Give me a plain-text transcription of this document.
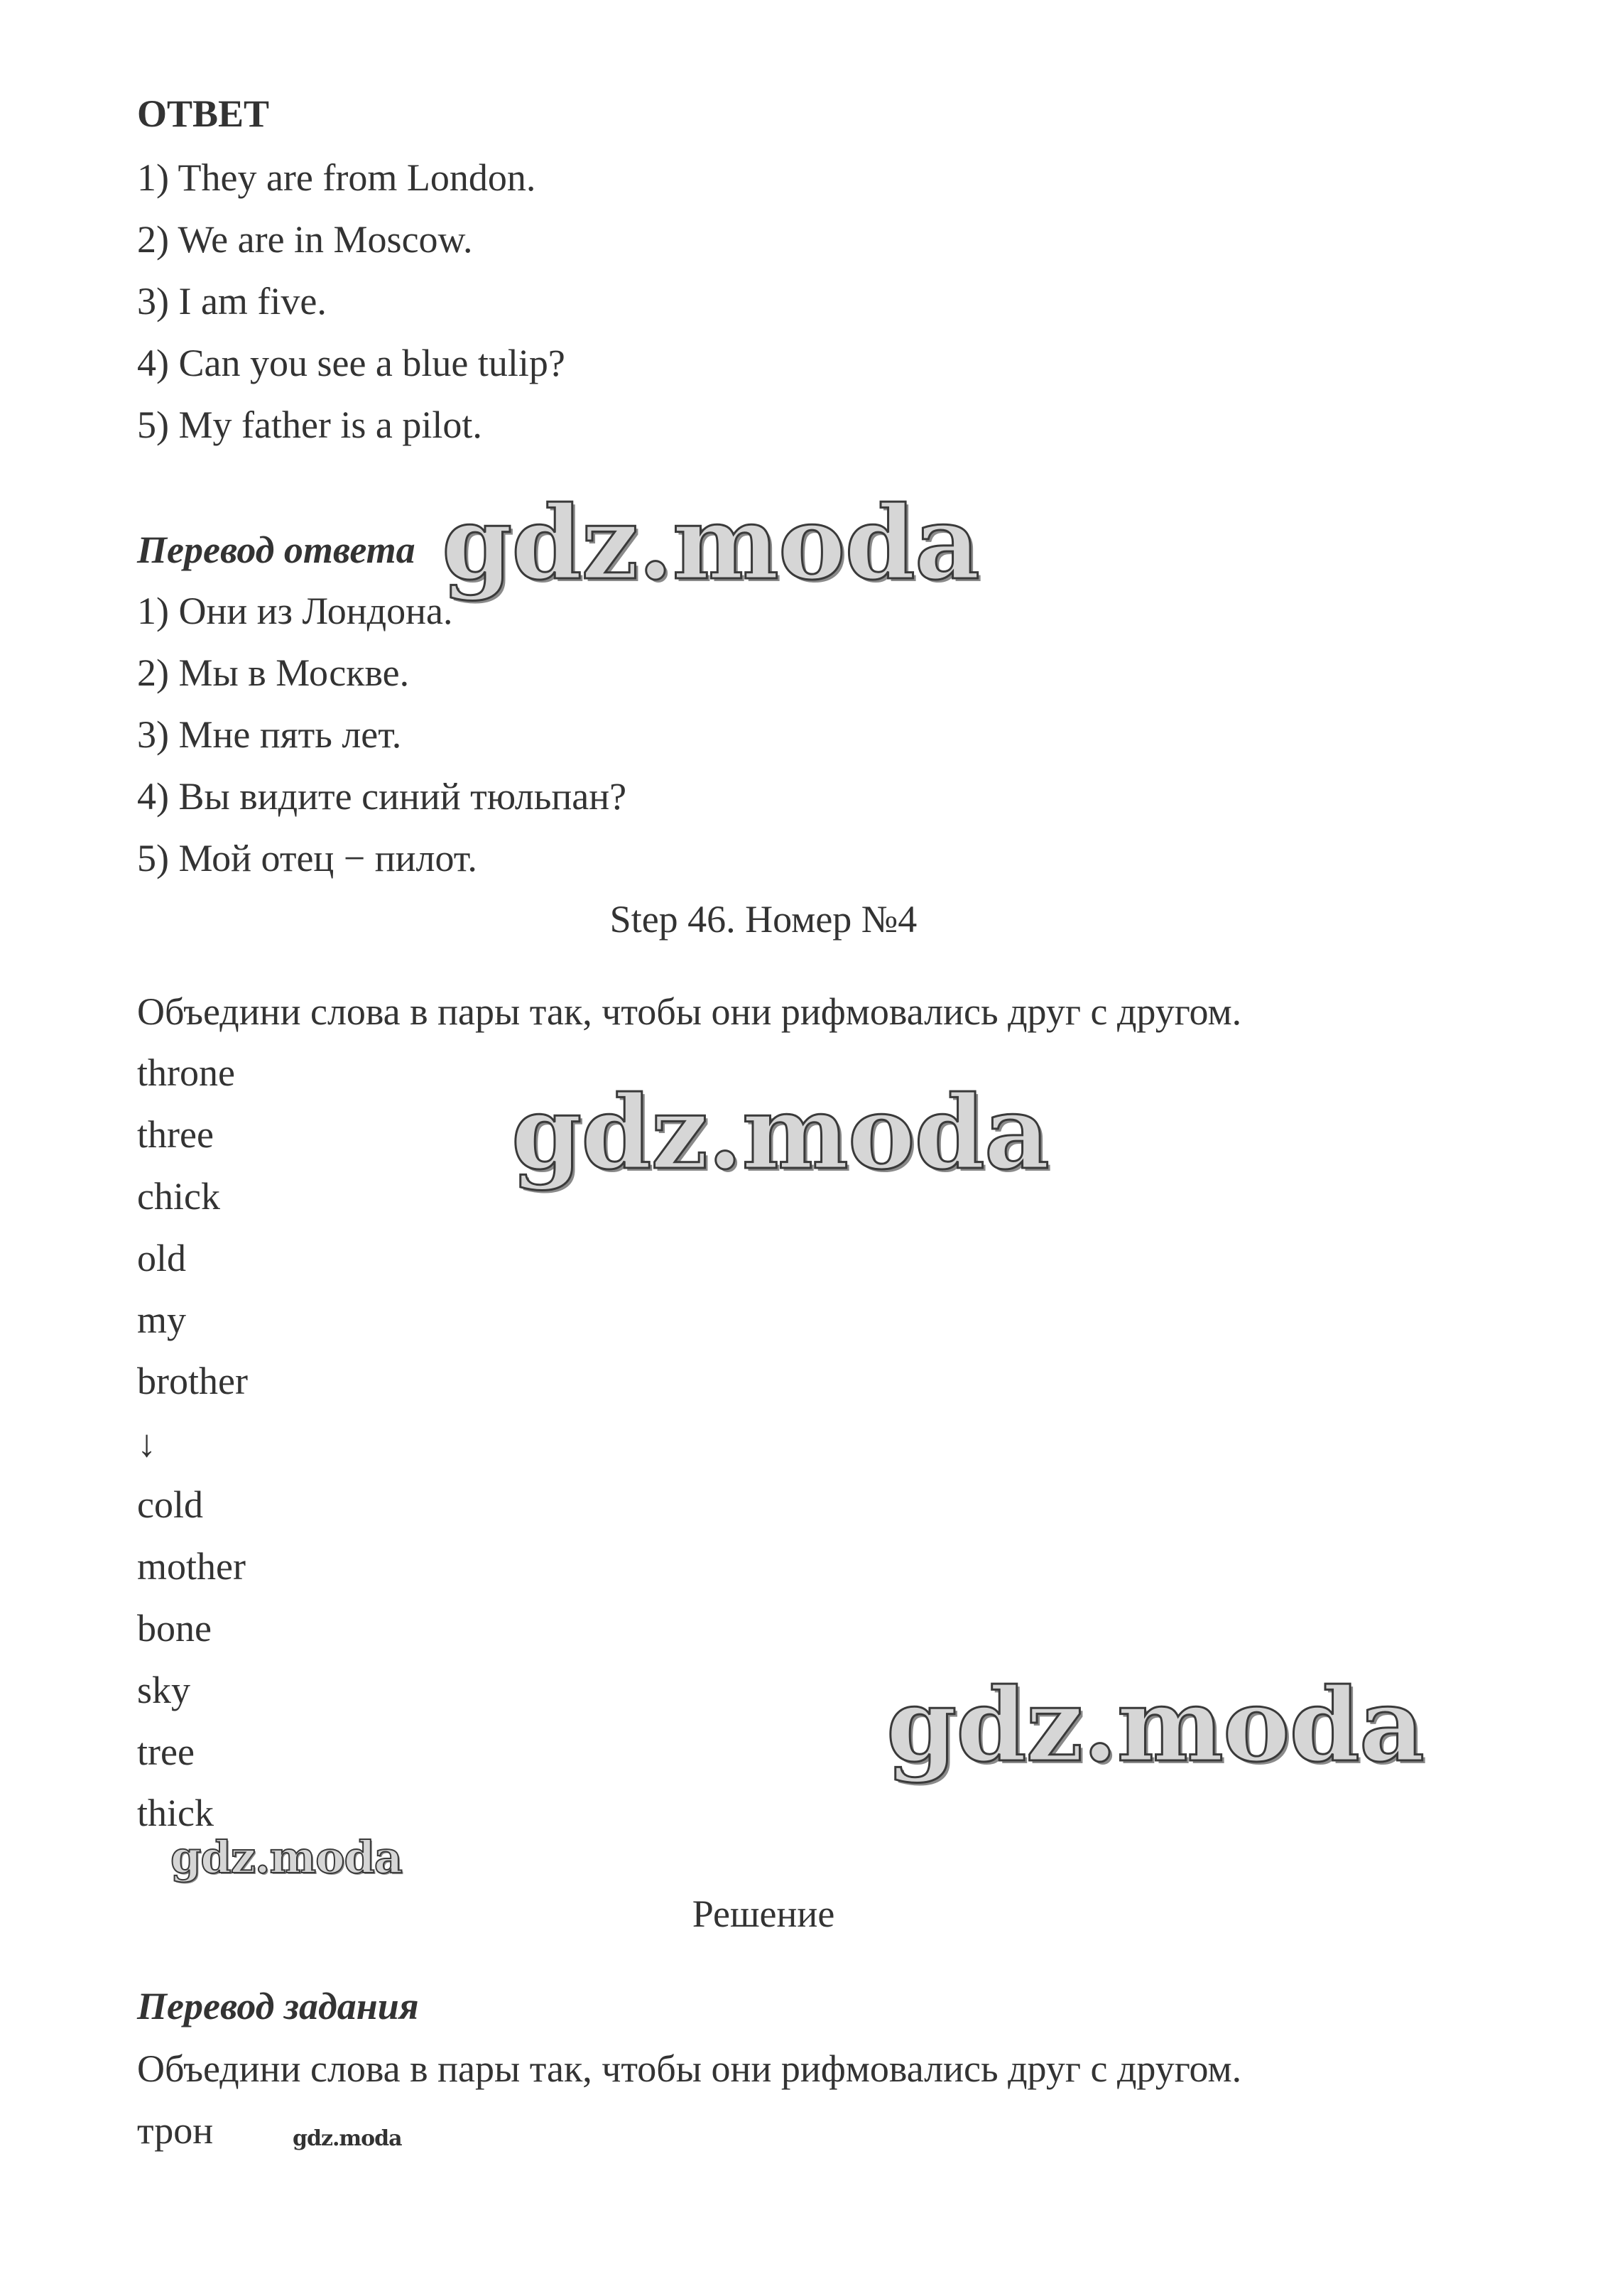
ОТВЕТ
1) They are from London.
2) We are in Moscow.
3) I am five.
4) Can you see a blue tulip?
5) My father is a pilot.
Перевод ответа
1) Они из Лондона.
2) Мы в Москве.
3) Мне пять лет.
4) Вы видите синий тюльпан?
5) Мой отец − пилот.
Step 46. Номер №4
Объедини слова в пары так, чтобы они рифмовались друг с другом.
throne
three
chick
old
my
brother
↓
cold
mother
bone
sky
tree
thick
Решение
Перевод задания
Объедини слова в пары так, чтобы они рифмовались друг с другом.
трон
gdz.moda
gdz.moda
gdz.moda
gdz.moda
gdz.moda
